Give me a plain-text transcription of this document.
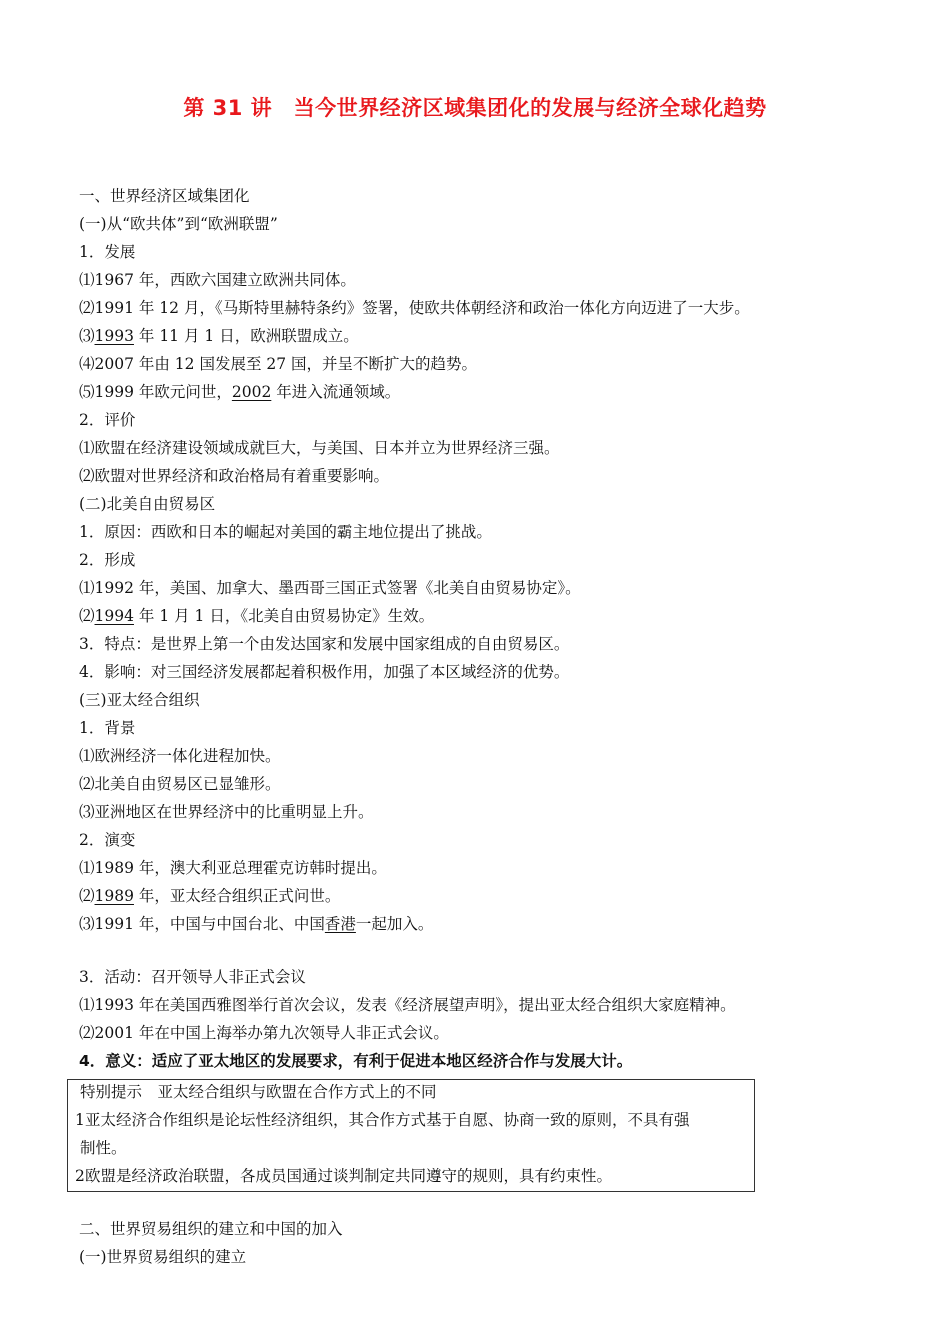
第 31 讲　当今世界经济区域集团化的发展与经济全球化趋势
一、世界经济区域集团化
(一)从“欧共体”到“欧洲联盟”
1．发展
⑴1967 年，西欧六国建立欧洲共同体。
⑵1991 年 12 月，《马斯特里赫特条约》签署，使欧共体朝经济和政治一体化方向迈进了一大步。
⑶1993 年 11 月 1 日，欧洲联盟成立。
⑷2007 年由 12 国发展至 27 国，并呈不断扩大的趋势。
⑸1999 年欧元问世，2002 年进入流通领域。
2．评价
⑴欧盟在经济建设领域成就巨大，与美国、日本并立为世界经济三强。
⑵欧盟对世界经济和政治格局有着重要影响。
(二)北美自由贸易区
1．原因：西欧和日本的崛起对美国的霸主地位提出了挑战。
2．形成
⑴1992 年，美国、加拿大、墨西哥三国正式签署《北美自由贸易协定》。
⑵1994 年 1 月 1 日，《北美自由贸易协定》生效。
3．特点：是世界上第一个由发达国家和发展中国家组成的自由贸易区。
4．影响：对三国经济发展都起着积极作用，加强了本区域经济的优势。
(三)亚太经合组织
1．背景
⑴欧洲经济一体化进程加快。
⑵北美自由贸易区已显雏形。
⑶亚洲地区在世界经济中的比重明显上升。
2．演变
⑴1989 年，澳大利亚总理霍克访韩时提出。
⑵1989 年，亚太经合组织正式问世。
⑶1991 年，中国与中国台北、中国香港一起加入。
3．活动：召开领导人非正式会议
⑴1993 年在美国西雅图举行首次会议，发表《经济展望声明》，提出亚太经合组织大家庭精神。
⑵2001 年在中国上海举办第九次领导人非正式会议。
4．意义：适应了亚太地区的发展要求，有利于促进本地区经济合作与发展大计。
特别提示　亚太经合组织与欧盟在合作方式上的不同
1 亚太经济合作组织是论坛性经济组织，其合作方式基于自愿、协商一致的原则，不具有强
制性。
2 欧盟是经济政治联盟，各成员国通过谈判制定共同遵守的规则，具有约束性。
二、世界贸易组织的建立和中国的加入
(一)世界贸易组织的建立
